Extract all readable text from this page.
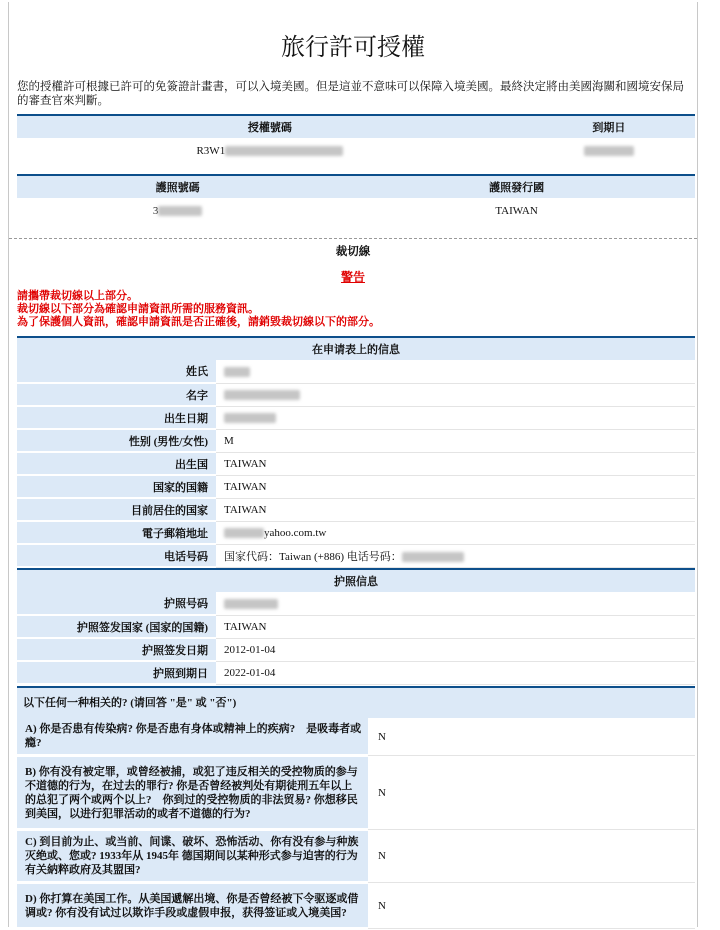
旅行許可授權
您的授權許可根據已許可的免簽證計畫書，可以入境美國。但是這並不意味可以保障入境美國。最終決定將由美國海關和國境安保局的審查官來判斷。
授權號碼	到期日
R3W1	
護照號碼	護照發行國
3	TAIWAN
裁切線
警告
請攜帶裁切線以上部分。
裁切線以下部分為確認申請資訊所需的服務資訊。
為了保護個人資訊，確認申請資訊是否正確後，請銷毀裁切線以下的部分。
在申请表上的信息	
姓氏	
名字	
出生日期	
性别 (男性/女性)	M
出生国	TAIWAN
国家的国籍	TAIWAN
目前居住的国家	TAIWAN
電子郵箱地址	yahoo.com.tw
电话号码	国家代码：Taiwan (+886) 电话号码：
护照信息	
护照号码	
护照签发国家 (国家的国籍)	TAIWAN
护照签发日期	2012-01-04
护照到期日	2022-01-04
以下任何一种相关的? (请回答 "是" 或 "否")
A) 你是否患有传染病? 你是否患有身体或精神上的疾病?　是吸毒者或瘾?	N
B) 你有没有被定罪，或曾经被捕，或犯了违反相关的受控物质的参与不道德的行为，在过去的罪行? 你是否曾经被判处有期徒刑五年以上的总犯了两个或两个以上?　你到过的受控物质的非法贸易? 你想移民到美国，以进行犯罪活动的或者不道德的行为?	N
C) 到目前为止、或当前、间谍、破坏、恐怖活动、你有没有参与种族灭绝或、您或? 1933年从 1945年 德国期间以某种形式参与迫害的行为有关納粹政府及其盟国?	N
D) 你打算在美国工作。从美国遞解出境、你是否曾经被下令驱逐或借调或? 你有没有试过以欺诈手段或虚假申报，获得签证或入境美国?	N
